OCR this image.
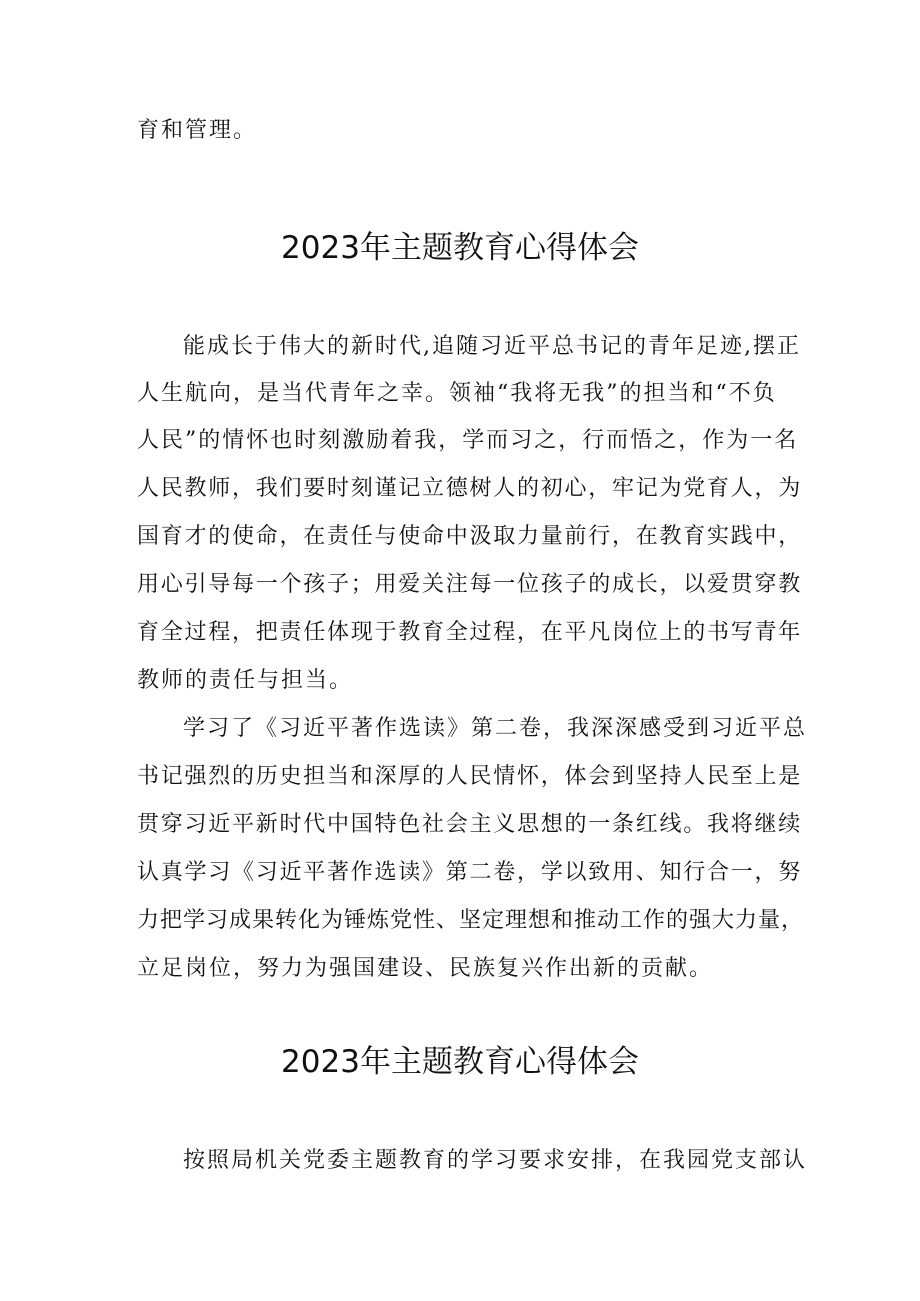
育和管理。
2023年主题教育心得体会
能成长于伟大的新时代,追随习近平总书记的青年足迹,摆正
人生航向，是当代青年之幸。领袖“我将无我”的担当和“不负
人民”的情怀也时刻激励着我，学而习之，行而悟之，作为一名
人民教师，我们要时刻谨记立德树人的初心，牢记为党育人，为
国育才的使命，在责任与使命中汲取力量前行，在教育实践中，
用心引导每一个孩子；用爱关注每一位孩子的成长，以爱贯穿教
育全过程，把责任体现于教育全过程，在平凡岗位上的书写青年
教师的责任与担当。
学习了《习近平著作选读》第二卷，我深深感受到习近平总
书记强烈的历史担当和深厚的人民情怀，体会到坚持人民至上是
贯穿习近平新时代中国特色社会主义思想的一条红线。我将继续
认真学习《习近平著作选读》第二卷，学以致用、知行合一，努
力把学习成果转化为锤炼党性、坚定理想和推动工作的强大力量，
立足岗位，努力为强国建设、民族复兴作出新的贡献。
2023年主题教育心得体会
按照局机关党委主题教育的学习要求安排，在我园党支部认
